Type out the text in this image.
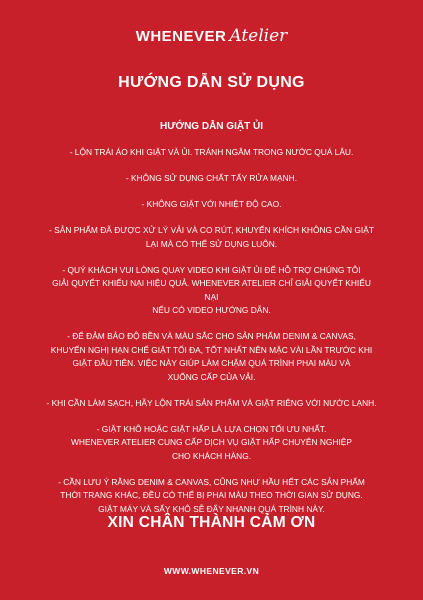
WHENEVER Atelier
HƯỚNG DẪN SỬ DỤNG
HƯỚNG DẪN GIẶT ỦI

- LỘN TRÁI ÁO KHI GIẶT VÀ ỦI. TRÁNH NGÂM TRONG NƯỚC QUÁ LÂU.

- KHÔNG SỬ DỤNG CHẤT TẨY RỬA MẠNH.

- KHÔNG GIẶT VỚI NHIỆT ĐỘ CAO.

- SẢN PHẨM ĐÃ ĐƯỢC XỬ LÝ VẢI VÀ CO RÚT, KHUYẾN KHÍCH KHÔNG CẦN GIẶT
LẠI MÀ CÓ THỂ SỬ DỤNG LUÔN.

- QUÝ KHÁCH VUI LÒNG QUAY VIDEO KHI GIẶT ỦI ĐỂ HỖ TRỢ CHÚNG TÔI
GIẢI QUYẾT KHIẾU NẠI HIỆU QUẢ. WHENEVER ATELIER CHỈ GIẢI QUYẾT KHIẾU NẠI
NẾU CÓ VIDEO HƯỚNG DẪN.

- ĐỂ ĐẢM BẢO ĐỘ BỀN VÀ MÀU SẮC CHO SẢN PHẨM DENIM & CANVAS,
KHUYẾN NGHỊ HẠN CHẾ GIẶT TỐI ĐA, TỐT NHẤT NÊN MẶC VÀI LẦN TRƯỚC KHI
GIẶT ĐẦU TIÊN. VIỆC NÀY GIÚP LÀM CHẬM QUÁ TRÌNH PHAI MÀU VÀ
XUỐNG CẤP CỦA VẢI.

- KHI CẦN LÀM SẠCH, HÃY LỘN TRÁI SẢN PHẨM VÀ GIẶT RIÊNG VỚI NƯỚC LẠNH.

- GIẶT KHÔ HOẶC GIẶT HẤP LÀ LỰA CHỌN TỐI ƯU NHẤT.
WHENEVER ATELIER CUNG CẤP DỊCH VỤ GIẶT HẤP CHUYÊN NGHIỆP
CHO KHÁCH HÀNG.

- CẦN LƯU Ý RẰNG DENIM & CANVAS, CŨNG NHƯ HẦU HẾT CÁC SẢN PHẨM
THỜI TRANG KHÁC, ĐỀU CÓ THỂ BỊ PHAI MÀU THEO THỜI GIAN SỬ DỤNG.
GIẶT MÁY VÀ SẤY KHÔ SẼ ĐẨY NHANH QUÁ TRÌNH NÀY.

XIN CHÂN THÀNH CẢM ƠN
WWW.WHENEVER.VN
